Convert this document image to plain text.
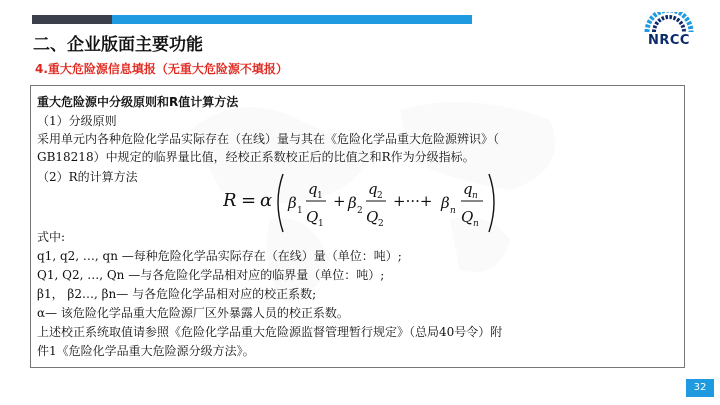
NRCC
二、企业版面主要功能
4.重大危险源信息填报（无重大危险源不填报）
重大危险源中分级原则和R值计算方法
（1）分级原则
采用单元内各种危险化学品实际存在（在线）量与其在《危险化学品重大危险源辨识》（
GB18218）中规定的临界量比值，经校正系数校正后的比值之和R作为分级指标。
（2）R的计算方法
R = α β 1
q 1
Q 1
+ β 2
q 2
Q 2
+···+ β n
q n
Q n
式中:
q1, q2, …, qn —每种危险化学品实际存在（在线）量（单位：吨）;
Q1, Q2, …, Qn —与各危险化学品相对应的临界量（单位：吨）;
β1， β2…, βn— 与各危险化学品相对应的校正系数;
α— 该危险化学品重大危险源厂区外暴露人员的校正系数。
上述校正系统取值请参照《危险化学品重大危险源监督管理暂行规定》（总局40号令）附
件1《危险化学品重大危险源分级方法》。
32
